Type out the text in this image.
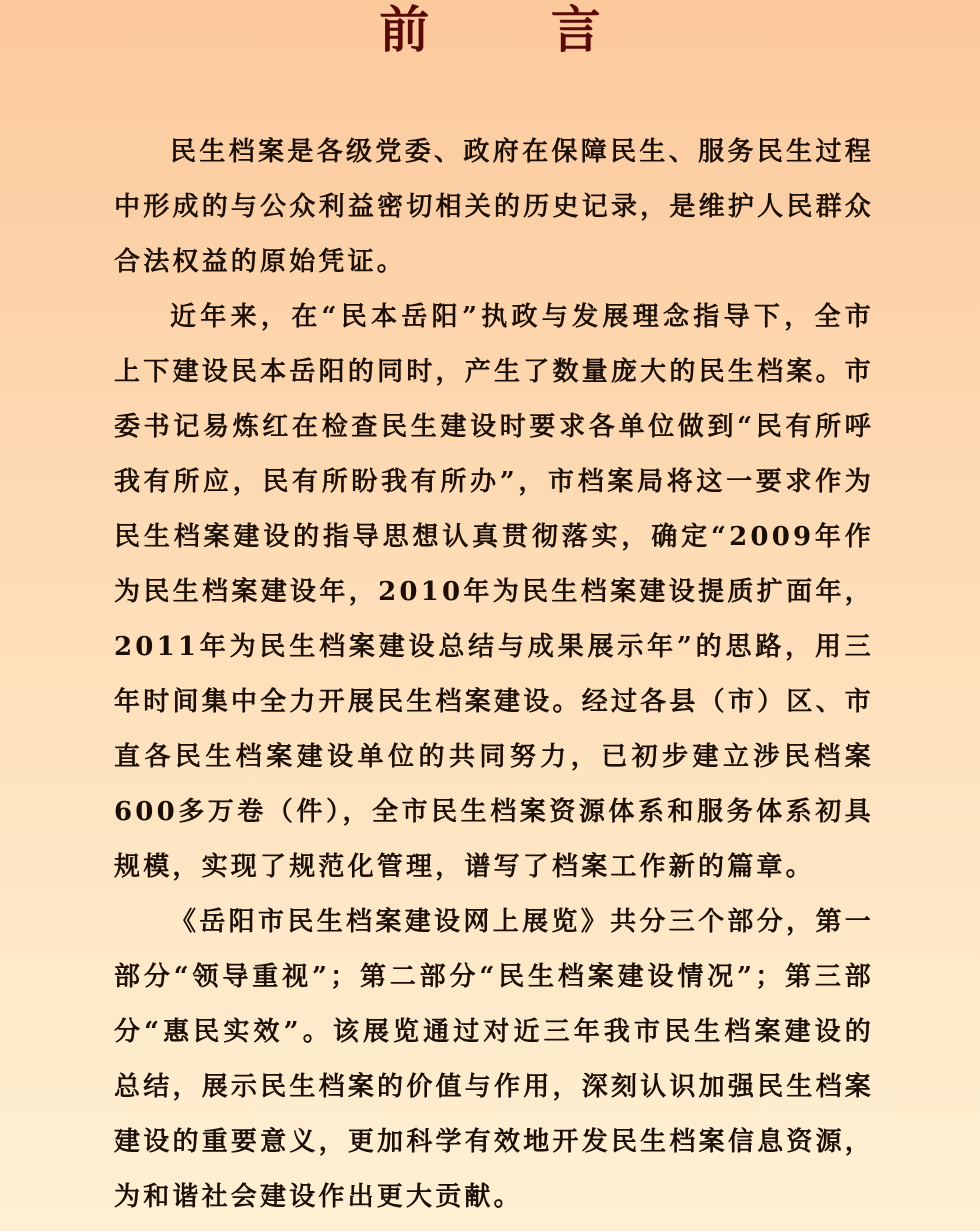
前 言

民生档案是各级党委、政府在保障民生、服务民生过程中形成的与公众利益密切相关的历史记录，是维护人民群众合法权益的原始凭证。

近年来，在“民本岳阳”执政与发展理念指导下，全市上下建设民本岳阳的同时，产生了数量庞大的民生档案。市委书记易炼红在检查民生建设时要求各单位做到“民有所呼我有所应，民有所盼我有所办”，市档案局将这一要求作为民生档案建设的指导思想认真贯彻落实，确定“2009年作为民生档案建设年，2010年为民生档案建设提质扩面年，2011年为民生档案建设总结与成果展示年”的思路，用三年时间集中全力开展民生档案建设。经过各县（市）区、市直各民生档案建设单位的共同努力，已初步建立涉民档案600多万卷（件），全市民生档案资源体系和服务体系初具规模，实现了规范化管理，谱写了档案工作新的篇章。

《岳阳市民生档案建设网上展览》共分三个部分，第一部分“领导重视”；第二部分“民生档案建设情况”；第三部分“惠民实效”。该展览通过对近三年我市民生档案建设的总结，展示民生档案的价值与作用，深刻认识加强民生档案建设的重要意义，更加科学有效地开发民生档案信息资源，为和谐社会建设作出更大贡献。
